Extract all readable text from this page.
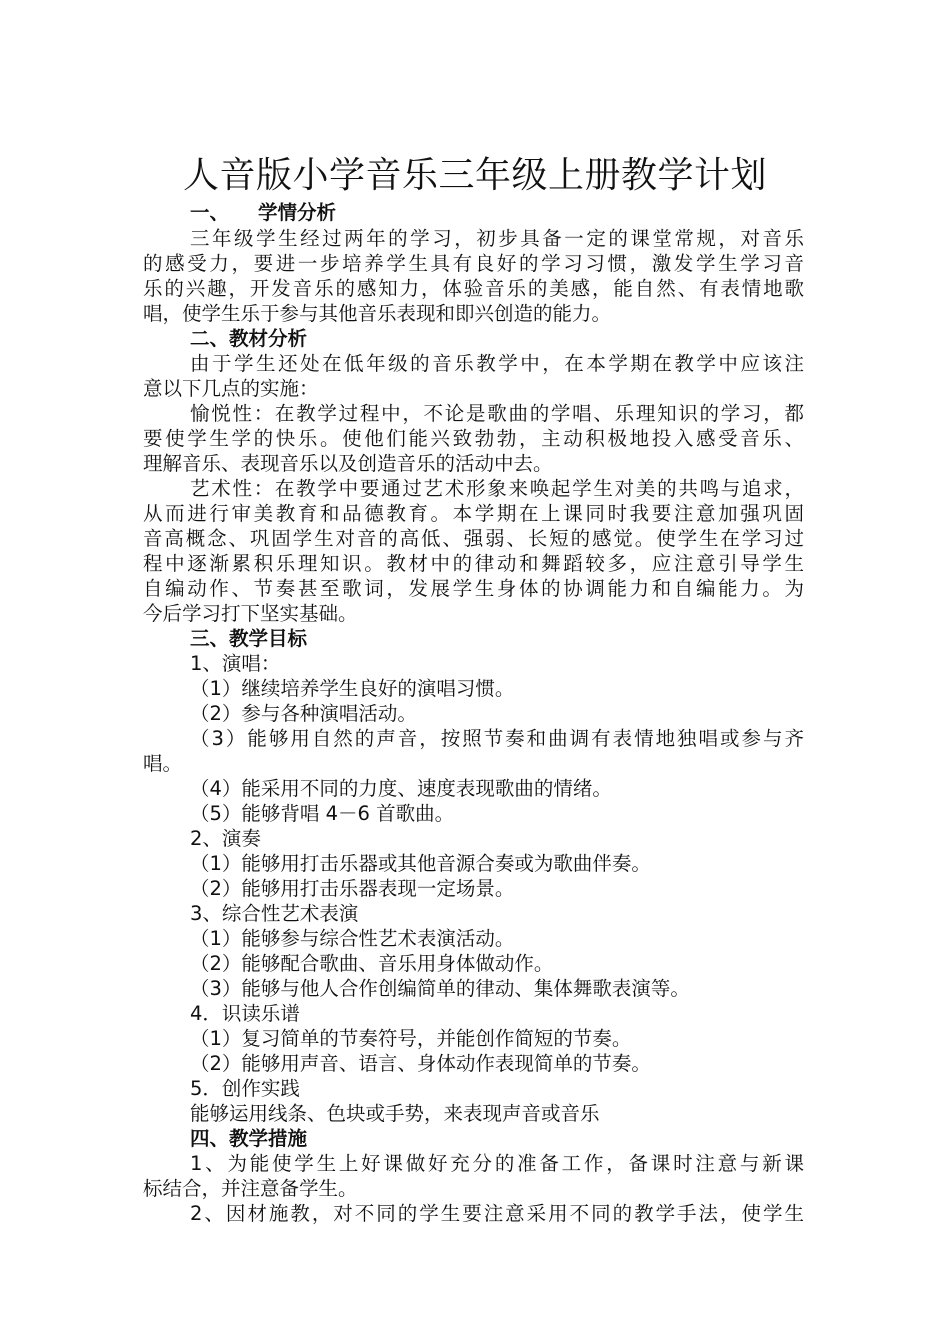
人音版小学音乐三年级上册教学计划
一、 学情分析
三年级学生经过两年的学习，初步具备一定的课堂常规，对音乐
的感受力，要进一步培养学生具有良好的学习习惯，激发学生学习音
乐的兴趣，开发音乐的感知力，体验音乐的美感，能自然、有表情地歌
唱，使学生乐于参与其他音乐表现和即兴创造的能力。
二、教材分析
由于学生还处在低年级的音乐教学中，在本学期在教学中应该注
意以下几点的实施：
愉悦性：在教学过程中，不论是歌曲的学唱、乐理知识的学习，都
要使学生学的快乐。使他们能兴致勃勃，主动积极地投入感受音乐、
理解音乐、表现音乐以及创造音乐的活动中去。
艺术性：在教学中要通过艺术形象来唤起学生对美的共鸣与追求，
从而进行审美教育和品德教育。本学期在上课同时我要注意加强巩固
音高概念、巩固学生对音的高低、强弱、长短的感觉。使学生在学习过
程中逐渐累积乐理知识。教材中的律动和舞蹈较多，应注意引导学生
自编动作、节奏甚至歌词，发展学生身体的协调能力和自编能力。为
今后学习打下坚实基础。
三、教学目标
1、演唱：
（1）继续培养学生良好的演唱习惯。
（2）参与各种演唱活动。
（3）能够用自然的声音，按照节奏和曲调有表情地独唱或参与齐
唱。
（4）能采用不同的力度、速度表现歌曲的情绪。
（5）能够背唱 4－6 首歌曲。
2、演奏
（1）能够用打击乐器或其他音源合奏或为歌曲伴奏。
（2）能够用打击乐器表现一定场景。
3、综合性艺术表演
（1）能够参与综合性艺术表演活动。
（2）能够配合歌曲、音乐用身体做动作。
（3）能够与他人合作创编简单的律动、集体舞歌表演等。
4．识读乐谱
（1）复习简单的节奏符号，并能创作简短的节奏。
（2）能够用声音、语言、身体动作表现简单的节奏。
5．创作实践
能够运用线条、色块或手势，来表现声音或音乐
四、教学措施
1、为能使学生上好课做好充分的准备工作，备课时注意与新课
标结合，并注意备学生。
2、因材施教，对不同的学生要注意采用不同的教学手法，使学生
